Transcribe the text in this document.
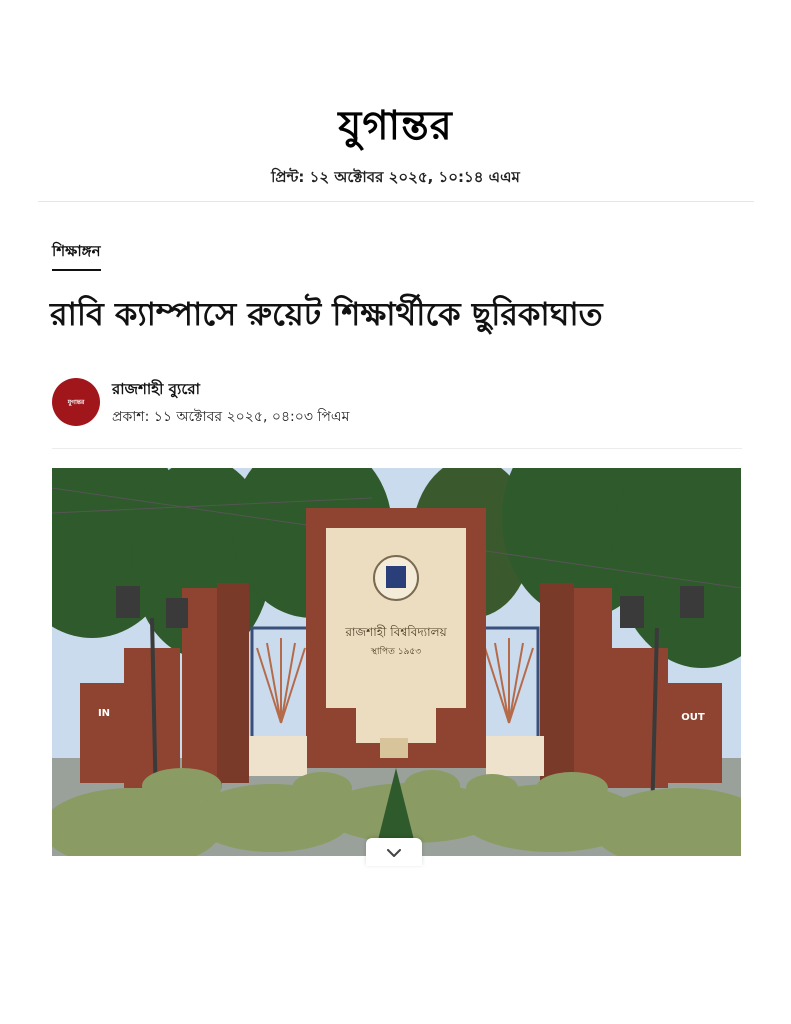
যুগান্তর
প্রিন্ট: ১২ অক্টোবর ২০২৫, ১০:১৪ এএম
শিক্ষাঙ্গন
রাবি ক্যাম্পাসে রুয়েট শিক্ষার্থীকে ছুরিকাঘাত
যুগান্তর
রাজশাহী ব্যুরো
প্রকাশ: ১১ অক্টোবর ২০২৫, ০৪:০৩ পিএম
রাজশাহী বিশ্ববিদ্যালয়
স্থাপিত ১৯৫৩
IN	OUT
